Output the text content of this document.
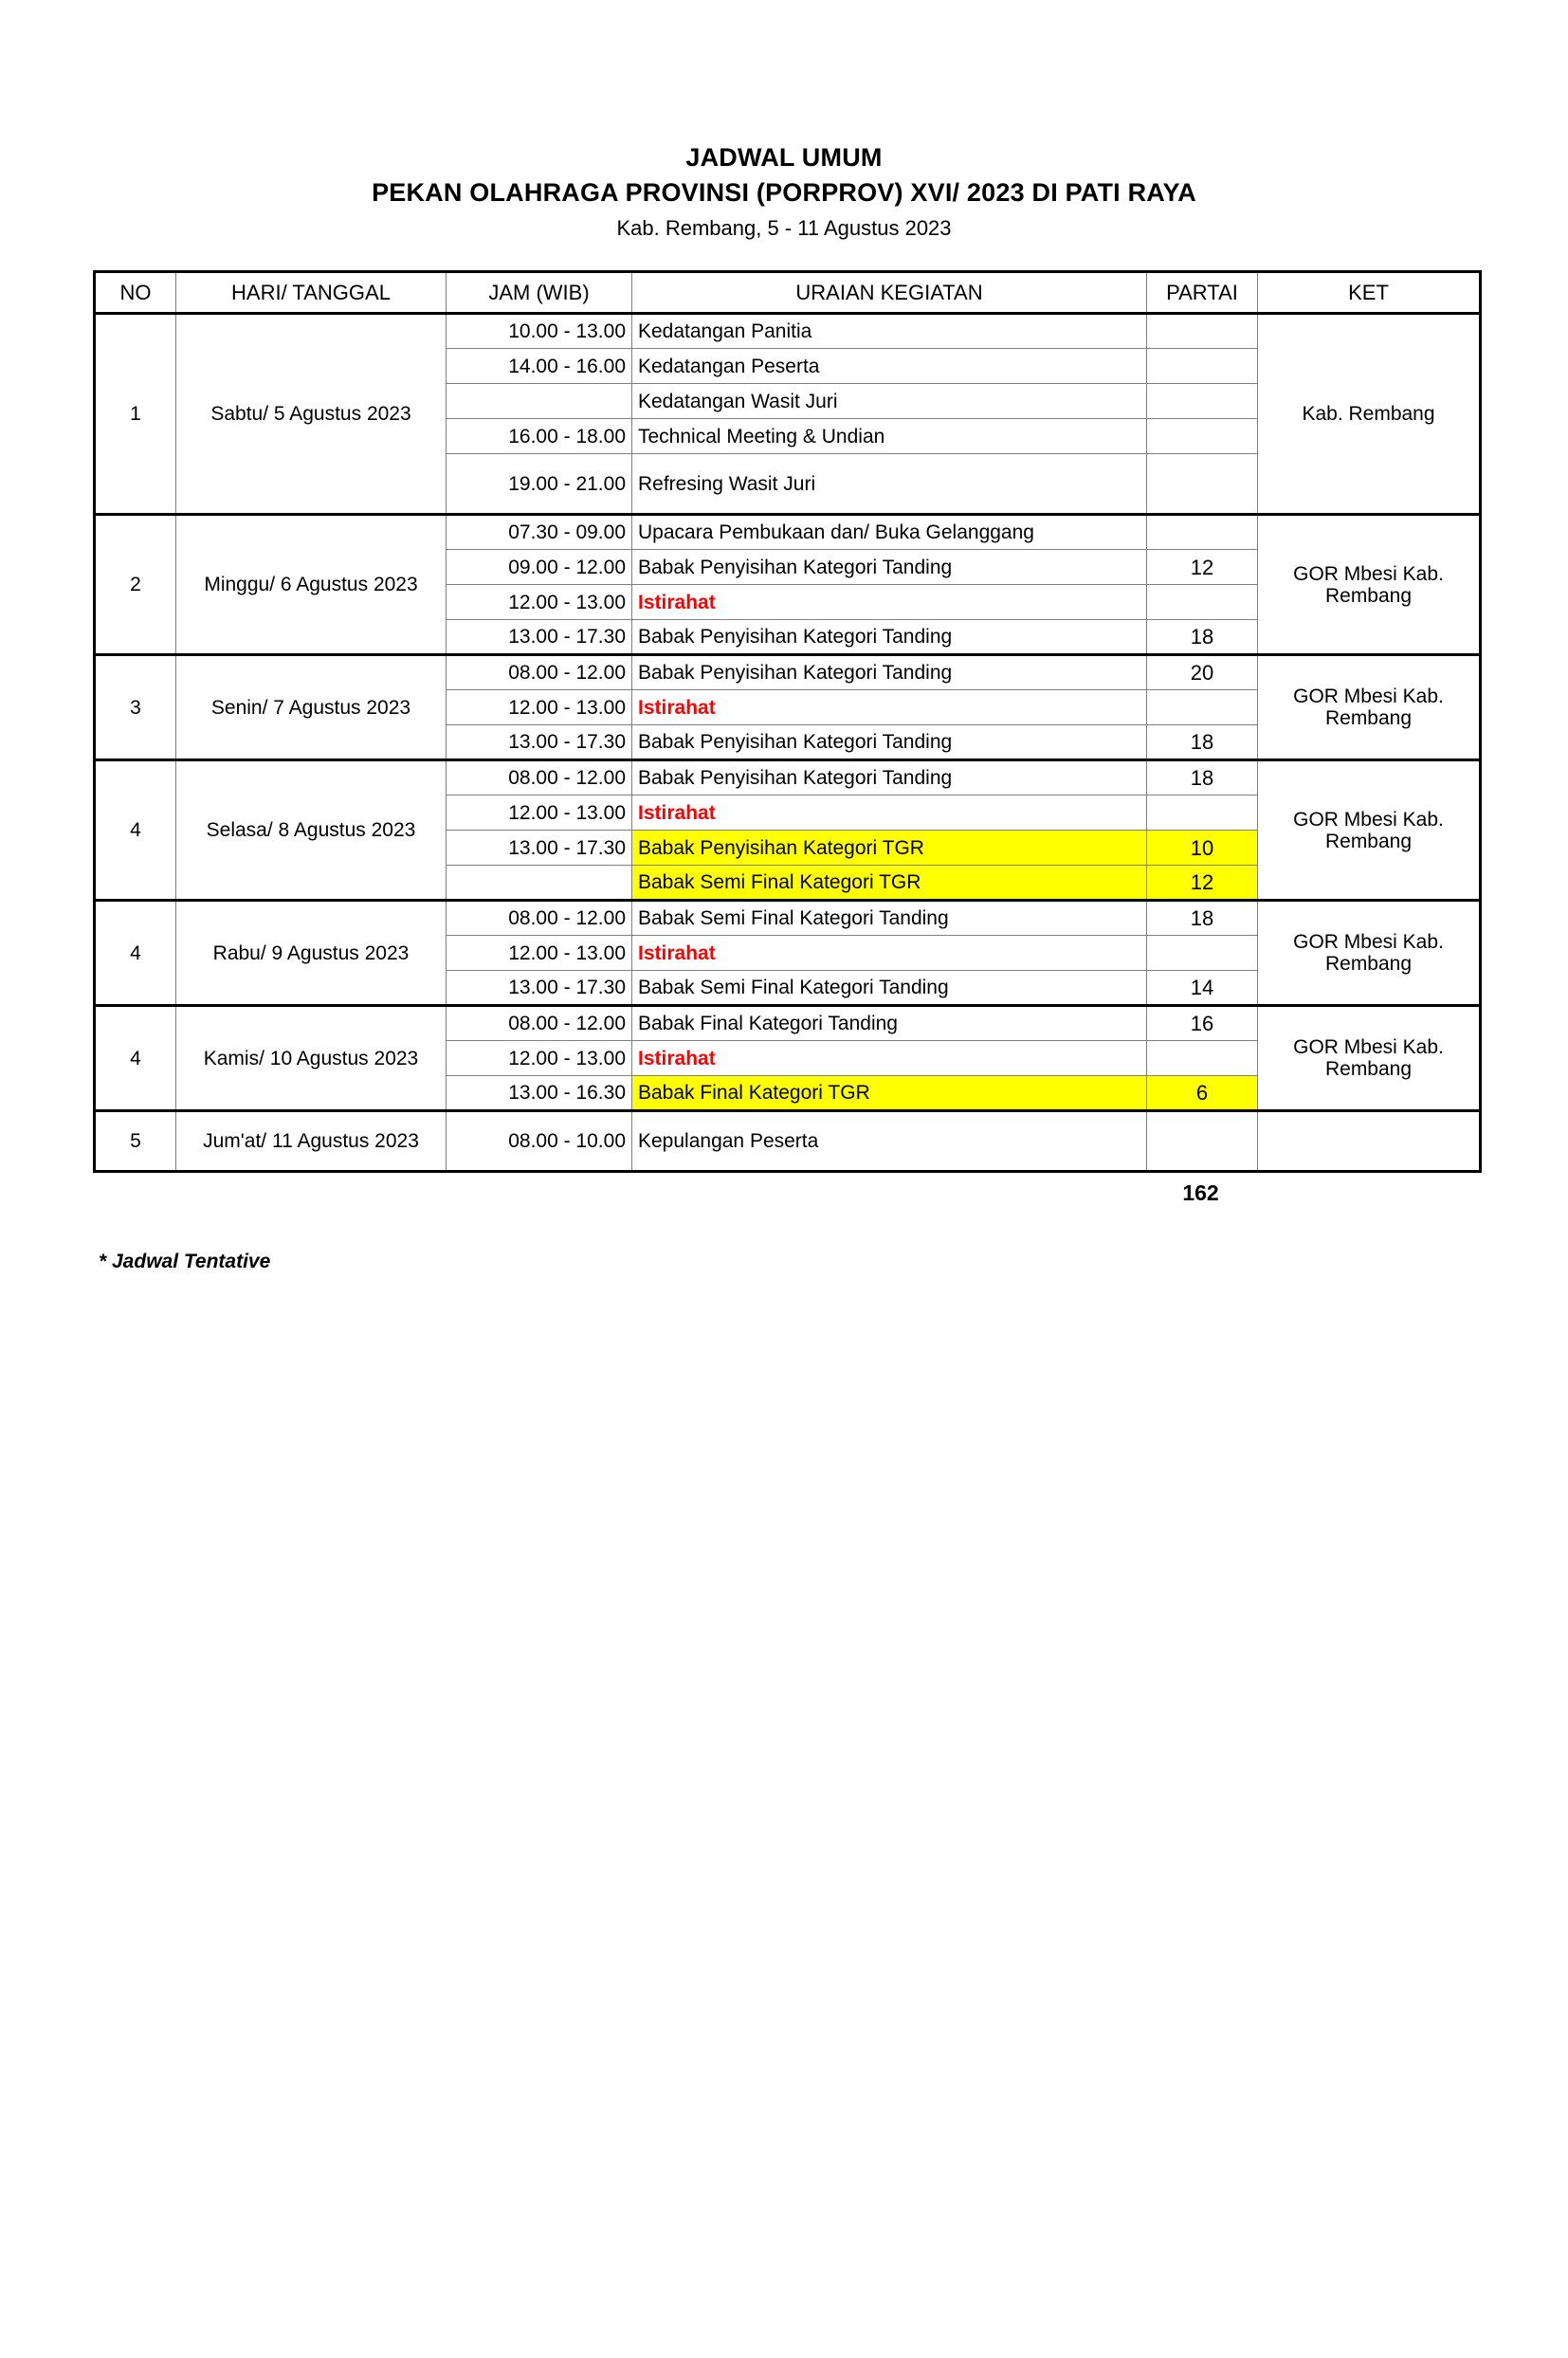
JADWAL UMUM
PEKAN OLAHRAGA PROVINSI (PORPROV) XVI/ 2023 DI PATI RAYA
Kab. Rembang, 5 - 11 Agustus 2023
NO	HARI/ TANGGAL	JAM (WIB)	URAIAN KEGIATAN	PARTAI	KET
1	Sabtu/ 5 Agustus 2023	10.00 - 13.00	Kedatangan Panitia		Kab. Rembang
		14.00 - 16.00	Kedatangan Peserta		
			Kedatangan Wasit Juri		
		16.00 - 18.00	Technical Meeting & Undian		
		19.00 - 21.00	Refresing Wasit Juri		
2	Minggu/ 6 Agustus 2023	07.30 - 09.00	Upacara Pembukaan dan/ Buka Gelanggang		GOR Mbesi Kab. Rembang
		09.00 - 12.00	Babak Penyisihan Kategori Tanding	12	
		12.00 - 13.00	Istirahat		
		13.00 - 17.30	Babak Penyisihan Kategori Tanding	18	
3	Senin/ 7 Agustus 2023	08.00 - 12.00	Babak Penyisihan Kategori Tanding	20	GOR Mbesi Kab. Rembang
		12.00 - 13.00	Istirahat		
		13.00 - 17.30	Babak Penyisihan Kategori Tanding	18	
4	Selasa/ 8 Agustus 2023	08.00 - 12.00	Babak Penyisihan Kategori Tanding	18	GOR Mbesi Kab. Rembang
		12.00 - 13.00	Istirahat		
		13.00 - 17.30	Babak Penyisihan Kategori TGR	10	
			Babak Semi Final Kategori TGR	12	
4	Rabu/ 9 Agustus 2023	08.00 - 12.00	Babak Semi Final Kategori Tanding	18	GOR Mbesi Kab. Rembang
		12.00 - 13.00	Istirahat		
		13.00 - 17.30	Babak Semi Final Kategori Tanding	14	
4	Kamis/ 10 Agustus 2023	08.00 - 12.00	Babak Final Kategori Tanding	16	GOR Mbesi Kab. Rembang
		12.00 - 13.00	Istirahat		
		13.00 - 16.30	Babak Final Kategori TGR	6	
5	Jum'at/ 11 Agustus 2023	08.00 - 10.00	Kepulangan Peserta		
162
* Jadwal Tentative
